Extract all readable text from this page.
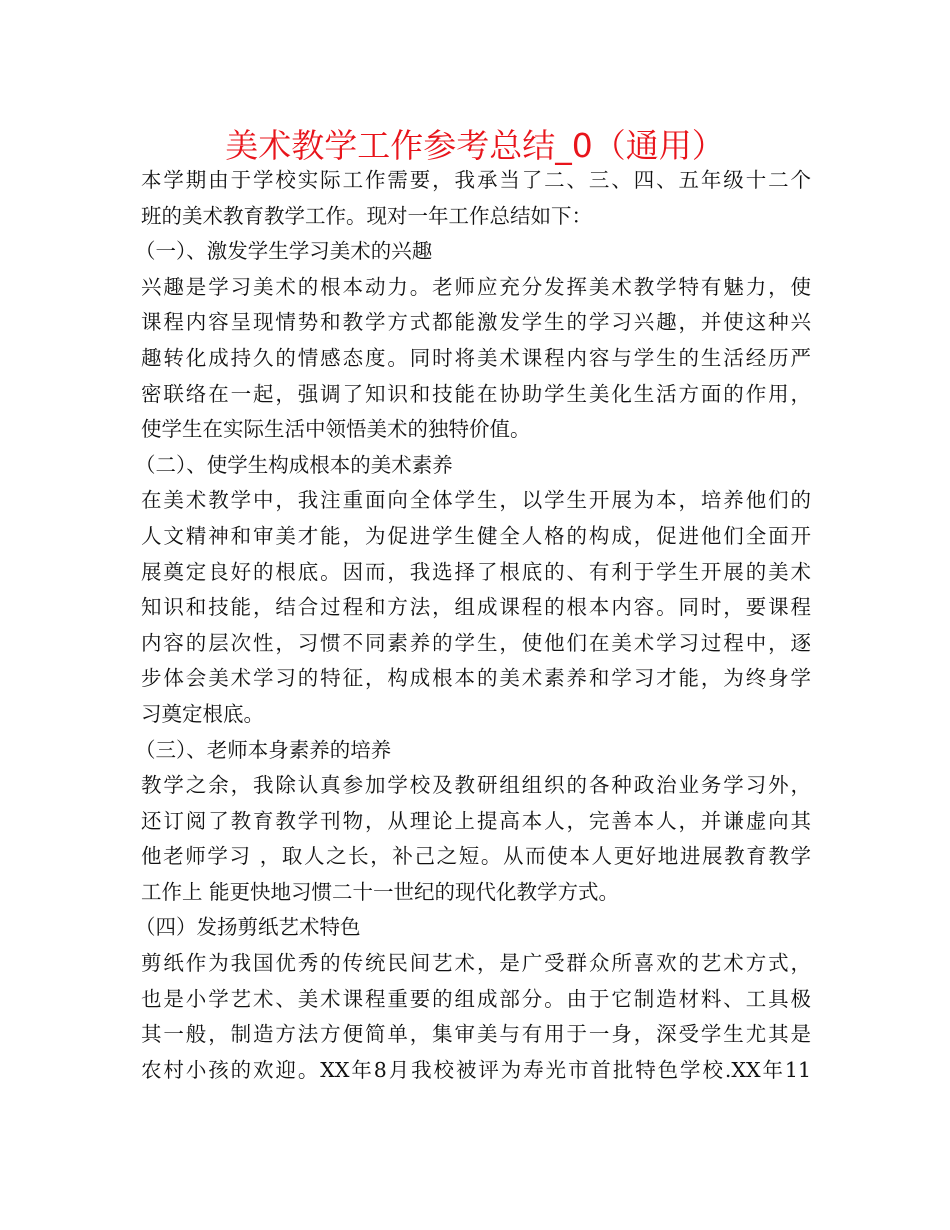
美术教学工作参考总结_0（通用）
本学期由于学校实际工作需要，我承当了二、三、四、五年级十二个
班的美术教育教学工作。现对一年工作总结如下：
（一）、激发学生学习美术的兴趣
兴趣是学习美术的根本动力。老师应充分发挥美术教学特有魅力，使
课程内容呈现情势和教学方式都能激发学生的学习兴趣，并使这种兴
趣转化成持久的情感态度。同时将美术课程内容与学生的生活经历严
密联络在一起，强调了知识和技能在协助学生美化生活方面的作用，
使学生在实际生活中领悟美术的独特价值。
（二）、使学生构成根本的美术素养
在美术教学中，我注重面向全体学生，以学生开展为本，培养他们的
人文精神和审美才能，为促进学生健全人格的构成，促进他们全面开
展奠定良好的根底。因而，我选择了根底的、有利于学生开展的美术
知识和技能，结合过程和方法，组成课程的根本内容。同时，要课程
内容的层次性，习惯不同素养的学生，使他们在美术学习过程中，逐
步体会美术学习的特征，构成根本的美术素养和学习才能，为终身学
习奠定根底。
（三）、老师本身素养的培养
教学之余，我除认真参加学校及教研组组织的各种政治业务学习外，
还订阅了教育教学刊物，从理论上提高本人，完善本人，并谦虚向其
他老师学习 ，取人之长，补己之短。从而使本人更好地进展教育教学
工作上 能更快地习惯二十一世纪的现代化教学方式。
（四）发扬剪纸艺术特色
剪纸作为我国优秀的传统民间艺术，是广受群众所喜欢的艺术方式，
也是小学艺术、美术课程重要的组成部分。由于它制造材料、工具极
其一般，制造方法方便简单，集审美与有用于一身，深受学生尤其是
农村小孩的欢迎。XX年8月我校被评为寿光市首批特色学校.XX年11
